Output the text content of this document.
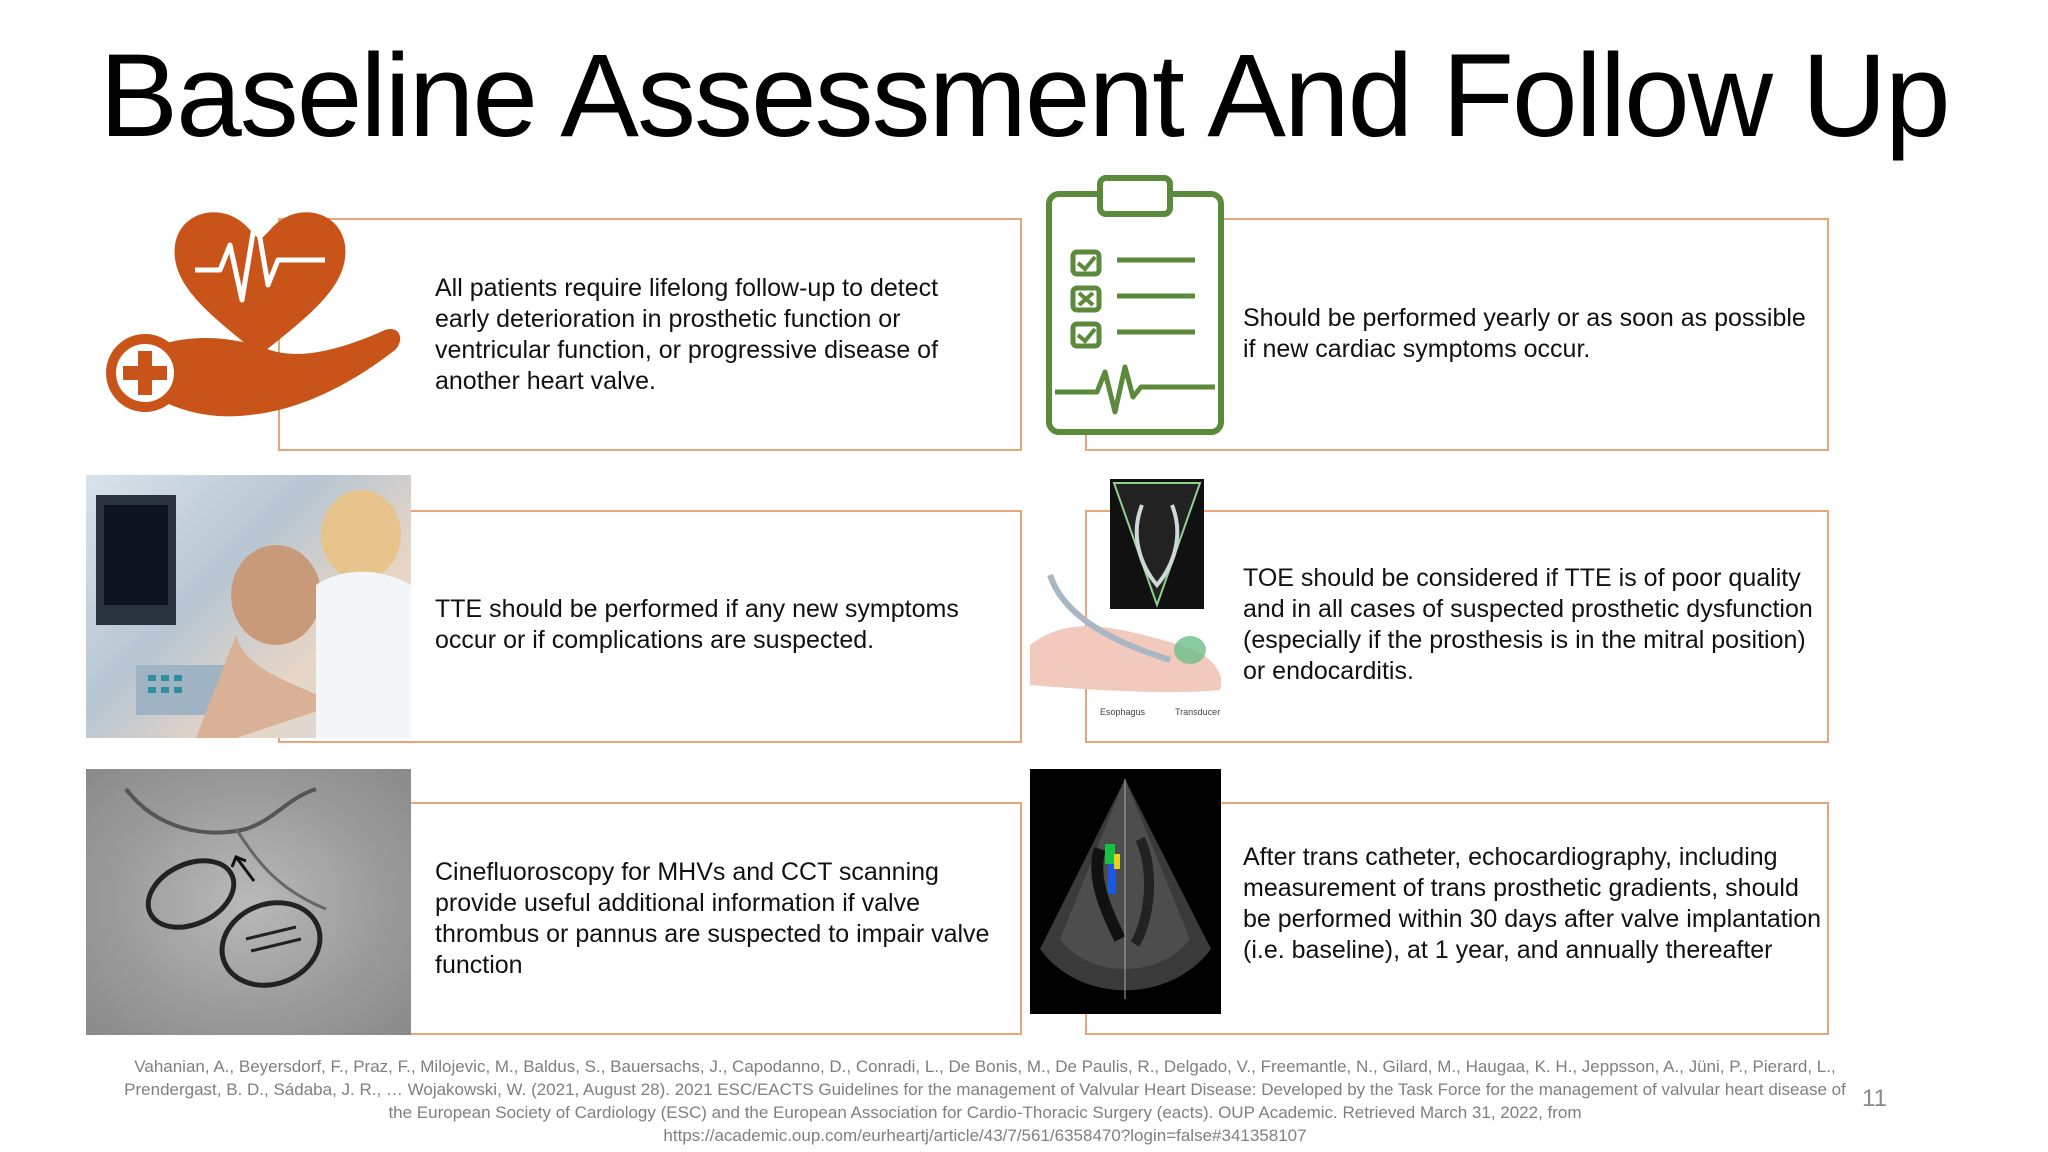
Baseline Assessment And Follow Up
All patients require lifelong follow-up to detect early deterioration in prosthetic function or ventricular function, or progressive disease of another heart valve.
Should be performed yearly or as soon as possible if new cardiac symptoms occur.
TTE should be performed if any new symptoms occur or if complications are suspected.
TOE should be considered if TTE is of poor quality and in all cases of suspected prosthetic dysfunction (especially if the prosthesis is in the mitral position) or endocarditis.
Esophagus	Transducer
Cinefluoroscopy for MHVs and CCT scanning provide useful additional information if valve thrombus or pannus are suspected to impair valve function
After trans catheter, echocardiography, including measurement of trans prosthetic gradients, should be performed within 30 days after valve implantation (i.e. baseline), at 1 year, and annually thereafter
Vahanian, A., Beyersdorf, F., Praz, F., Milojevic, M., Baldus, S., Bauersachs, J., Capodanno, D., Conradi, L., De Bonis, M., De Paulis, R., Delgado, V., Freemantle, N., Gilard, M., Haugaa, K. H., Jeppsson, A., Jüni, P., Pierard, L.,
Prendergast, B. D., Sádaba, J. R., … Wojakowski, W. (2021, August 28). 2021 ESC/EACTS Guidelines for the management of Valvular Heart Disease: Developed by the Task Force for the management of valvular heart disease of
the European Society of Cardiology (ESC) and the European Association for Cardio-Thoracic Surgery (eacts). OUP Academic. Retrieved March 31, 2022, from
https://academic.oup.com/eurheartj/article/43/7/561/6358470?login=false#341358107
11
